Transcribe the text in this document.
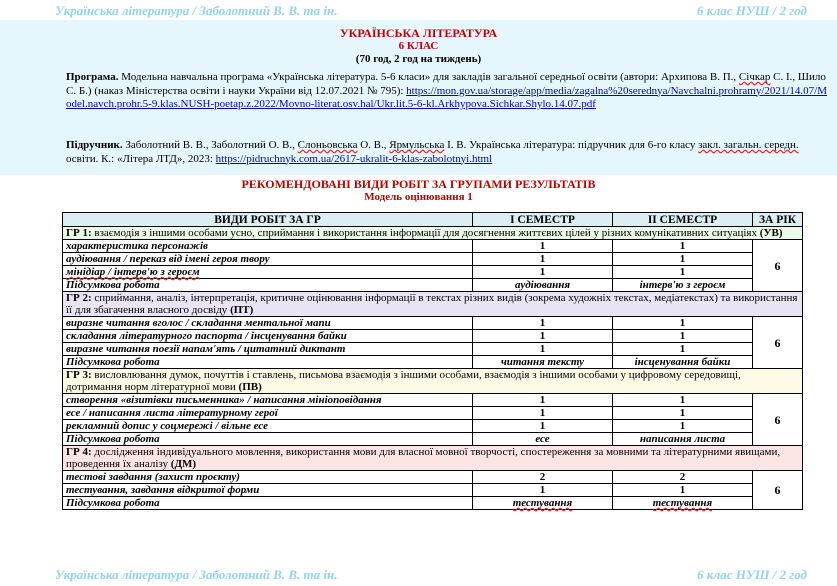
Українська література / Заболотний В. В. та ін.	6 клас НУШ / 2 год
УКРАЇНСЬКА ЛІТЕРАТУРА
6 КЛАС
(70 год, 2 год на тиждень)
Програма. Модельна навчальна програма «Українська література. 5-6 класи» для закладів загальної середньої освіти (автори: Архипова В. П., Січкар С. І., Шило С. Б.) (наказ Міністерства освіти і науки України від 12.07.2021 № 795): https://mon.gov.ua/storage/app/media/zagalna%20serednya/Navchalni.prohramy/2021/14.07/Model.navch.prohr.5-9.klas.NUSH-poetap.z.2022/Movno-literat.osv.hal/Ukr.lit.5-6-kl.Arkhypova.Sichkar.Shylo.14.07.pdf
Підручник. Заболотний В. В., Заболотний О. В., Слоньовська О. В., Ярмульська І. В. Українська література: підручник для 6-го класу закл. загальн. середн. освіти. К.: «Літера ЛТД», 2023: https://pidruchnyk.com.ua/2617-ukralit-6-klas-zabolotnyi.html
РЕКОМЕНДОВАНІ ВИДИ РОБІТ ЗА ГРУПАМИ РЕЗУЛЬТАТІВ
Модель оцінювання 1
ВИДИ РОБІТ ЗА ГР	І СЕМЕСТР	ІІ СЕМЕСТР	ЗА РІК
ГР 1: взаємодія з іншими особами усно, сприймання і використання інформації для досягнення життєвих цілей у різних комунікативних ситуаціях (УВ)			
характеристика персонажів	1	1	6
аудіювання / переказ від імені героя твору	1	1	
мінідіар / інтерв'ю з героєм	1	1	
Підсумкова робота	аудіювання	інтерв'ю з героєм	
ГР 2: сприймання, аналіз, інтерпретація, критичне оцінювання інформації в текстах різних видів (зокрема художніх текстах, медіатекстах) та використання її для збагачення власного досвіду (ПТ)			
виразне читання вголос / складання ментальної мапи	1	1	6
складання літературного паспорта / інсценування байки	1	1	
виразне читання поезії напам'ять / цитатний диктант	1	1	
Підсумкова робота	читання тексту	інсценування байки	
ГР 3: висловлювання думок, почуттів і ставлень, письмова взаємодія з іншими особами, взаємодія з іншими особами у цифровому середовищі, дотримання норм літературної мови (ПВ)			
створення «візитівки письменника» / написання мініоповідання	1	1	6
есе / написання листа літературному герої	1	1	
рекламний допис у соцмережі / вільне есе	1	1	
Підсумкова робота	есе	написання листа	
ГР 4: дослідження індивідуального мовлення, використання мови для власної мовної творчості, спостереження за мовними та літературними явищами, проведення їх аналізу (ДМ)			
тестові завдання (захист проєкту)	2	2	6
тестування, завдання відкритої форми	1	1	
Підсумкова робота	тестування	тестування	
Українська література / Заболотний В. В. та ін.	6 клас НУШ / 2 год
